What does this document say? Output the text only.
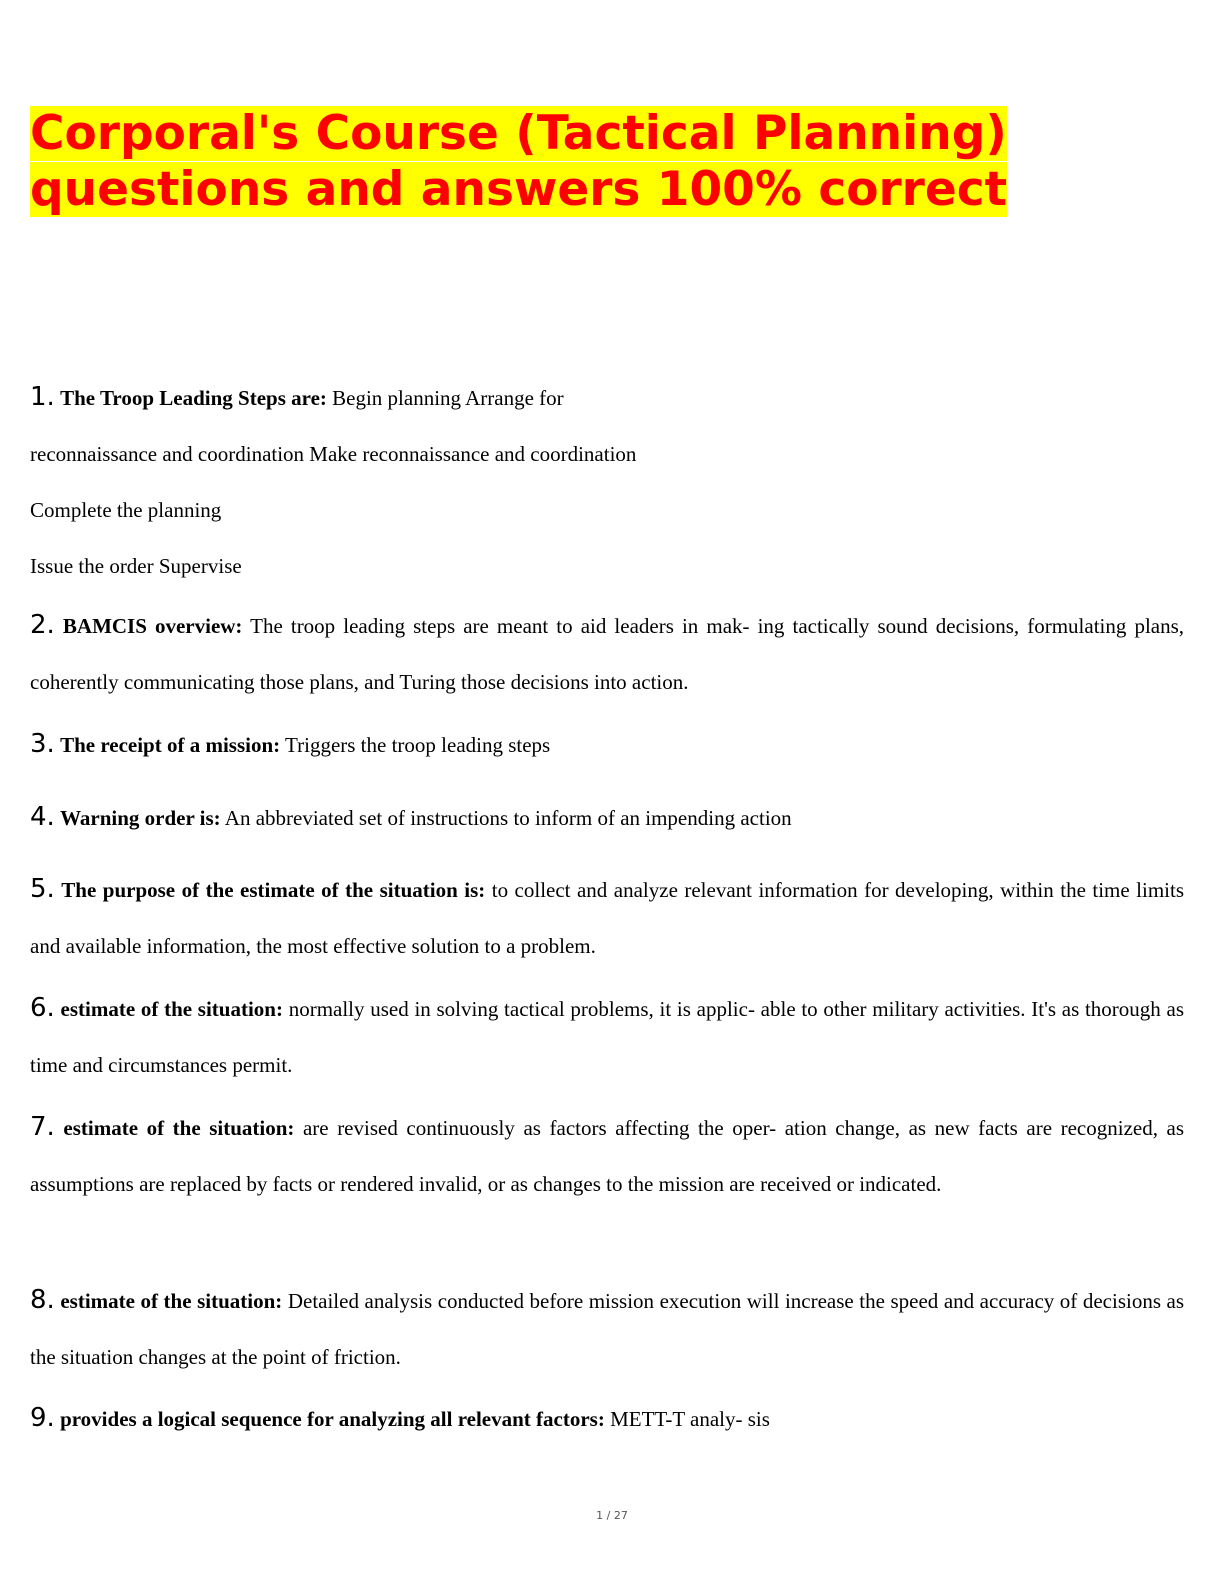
Corporal's Course (Tactical Planning)
questions and answers 100% correct
1. The Troop Leading Steps are: Begin planning Arrange for
reconnaissance and coordination Make reconnaissance and coordination
Complete the planning
Issue the order Supervise
2. BAMCIS overview: The troop leading steps are meant to aid leaders in mak- ing tactically sound decisions, formulating plans, coherently communicating those plans, and Turing those decisions into action.
3. The receipt of a mission: Triggers the troop leading steps
4. Warning order is: An abbreviated set of instructions to inform of an impending action
5. The purpose of the estimate of the situation is: to collect and analyze relevant information for developing, within the time limits and available information, the most effective solution to a problem.
6. estimate of the situation: normally used in solving tactical problems, it is applic- able to other military activities. It's as thorough as time and circumstances permit.
7. estimate of the situation: are revised continuously as factors affecting the oper- ation change, as new facts are recognized, as assumptions are replaced by facts or rendered invalid, or as changes to the mission are received or indicated.
8. estimate of the situation: Detailed analysis conducted before mission execution will increase the speed and accuracy of decisions as the situation changes at the point of friction.
9. provides a logical sequence for analyzing all relevant factors: METT-T analy- sis
1 / 27
